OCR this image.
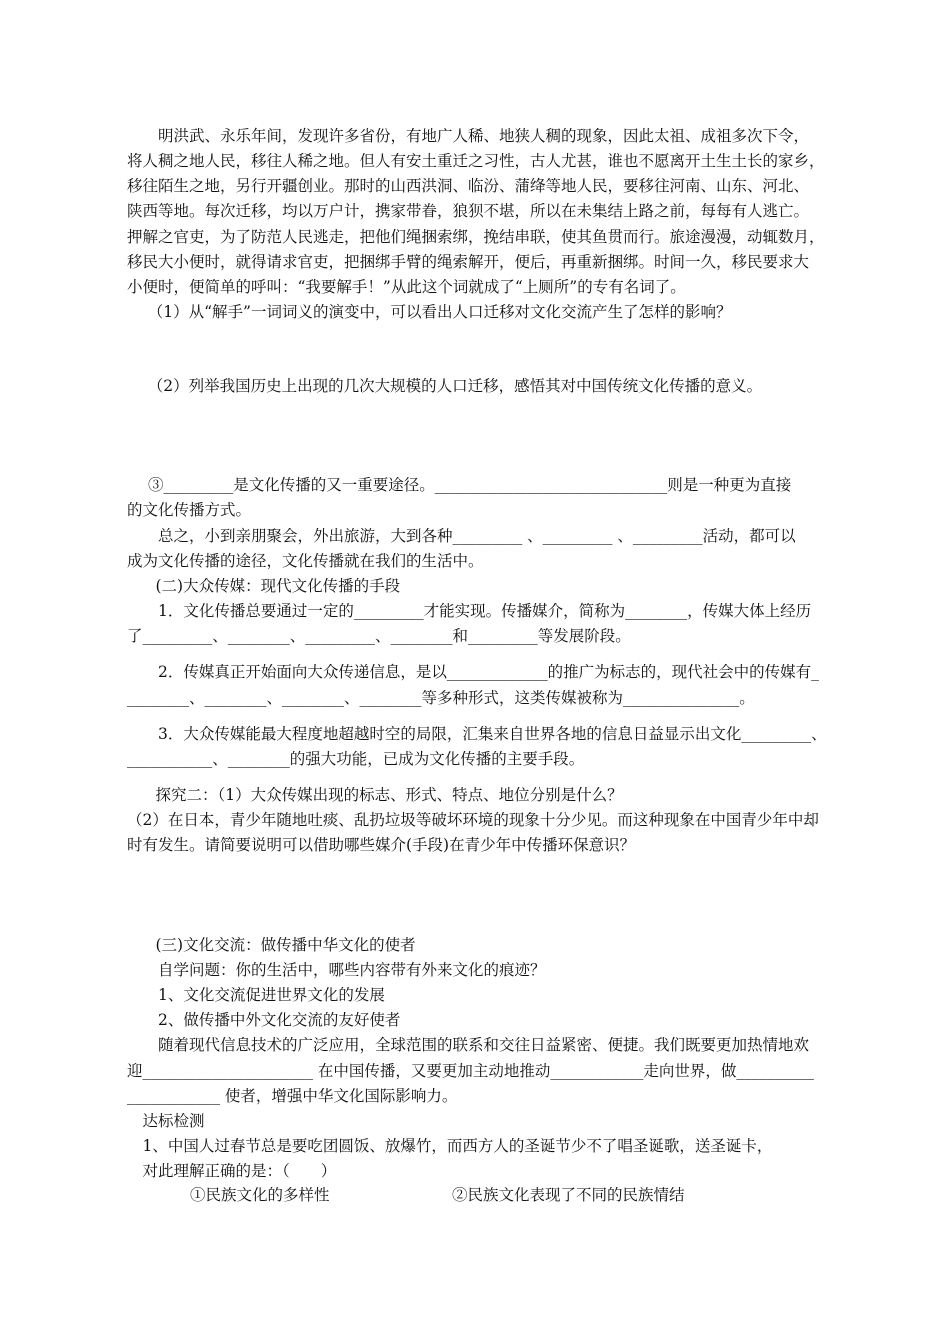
　　明洪武、永乐年间，发现许多省份，有地广人稀、地狭人稠的现象，因此太祖、成祖多次下令，
将人稠之地人民，移往人稀之地。但人有安土重迁之习性，古人尤甚，谁也不愿离开土生土长的家乡，
移往陌生之地，另行开疆创业。那时的山西洪洞、临汾、蒲绛等地人民，要移往河南、山东、河北、
陕西等地。每次迁移，均以万户计，携家带眷，狼狈不堪，所以在未集结上路之前，每每有人逃亡。
押解之官吏，为了防范人民逃走，把他们绳捆索绑，挽结串联，使其鱼贯而行。旅途漫漫，动辄数月，
移民大小便时，就得请求官吏，把捆绑手臂的绳索解开，便后，再重新捆绑。时间一久，移民要求大
小便时，便简单的呼叫：“我要解手！”从此这个词就成了“上厕所”的专有名词了。
　（1）从“解手”一词词义的演变中，可以看出人口迁移对文化交流产生了怎样的影响？
　（2）列举我国历史上出现的几次大规模的人口迁移，感悟其对中国传统文化传播的意义。
③_________是文化传播的又一重要途径。______________________________则是一种更为直接
的文化传播方式。
　　总之，小到亲朋聚会，外出旅游，大到各种_________ 、_________ 、_________活动，都可以
成为文化传播的途径，文化传播就在我们的生活中。
　(二)大众传媒：现代文化传播的手段
　　1．文化传播总要通过一定的_________才能实现。传播媒介，简称为________，传媒大体上经历
了_________、________、_________、________和_________等发展阶段。
　　2．传媒真正开始面向大众传递信息，是以_____________的推广为标志的，现代社会中的传媒有_
________、________、________、________等多种形式，这类传媒被称为_______________。
　　3．大众传媒能最大程度地超越时空的局限，汇集来自世界各地的信息日益显示出文化_________、
___________、________的强大功能，已成为文化传播的主要手段。
　探究二：（1）大众传媒出现的标志、形式、特点、地位分别是什么？
（2）在日本，青少年随地吐痰、乱扔垃圾等破坏环境的现象十分少见。而这种现象在中国青少年中却
时有发生。请简要说明可以借助哪些媒介(手段)在青少年中传播环保意识？
　(三)文化交流：做传播中华文化的使者
　　自学问题：你的生活中，哪些内容带有外来文化的痕迹？
　　1、文化交流促进世界文化的发展
　　2、做传播中外文化交流的友好使者
　　随着现代信息技术的广泛应用，全球范围的联系和交往日益紧密、便捷。我们既要更加热情地欢
迎______________________ 在中国传播，又要更加主动地推动____________走向世界，做__________
____________ 使者，增强中华文化国际影响力。
　达标检测
　1、中国人过春节总是要吃团圆饭、放爆竹，而西方人的圣诞节少不了唱圣诞歌，送圣诞卡，
　对此理解正确的是：（　　）
①民族文化的多样性	②民族文化表现了不同的民族情结
